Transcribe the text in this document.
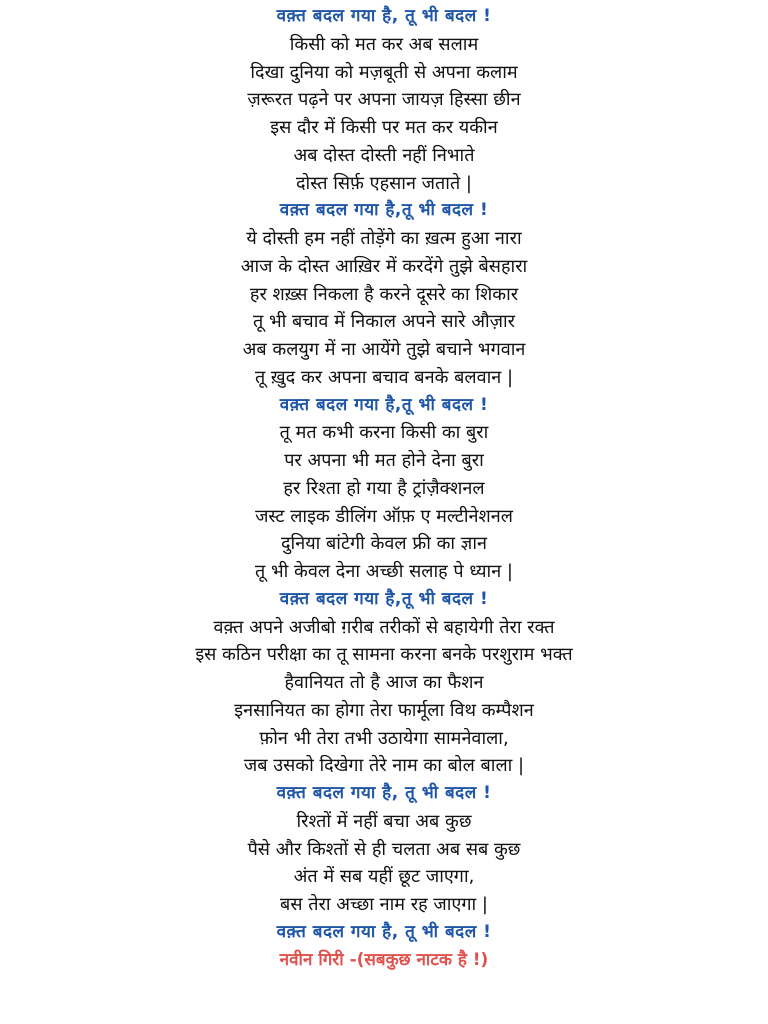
वक़्त बदल गया है, तू भी बदल !
किसी को मत कर अब सलाम
दिखा दुनिया को मज़बूती से अपना कलाम
ज़रूरत पढ़ने पर अपना जायज़ हिस्सा छीन
इस दौर में किसी पर मत कर यकीन
अब दोस्त दोस्ती नहीं निभाते
दोस्त सिर्फ़ एहसान जताते |
वक़्त बदल गया है,तू भी बदल !
ये दोस्ती हम नहीं तोड़ेंगे का ख़त्म हुआ नारा
आज के दोस्त आख़िर में करदेंगे तुझे बेसहारा
हर शख़्स निकला है करने दूसरे का शिकार
तू भी बचाव में निकाल अपने सारे औज़ार
अब कलयुग में ना आयेंगे तुझे बचाने भगवान
तू ख़ुद कर अपना बचाव बनके बलवान |
वक़्त बदल गया है,तू भी बदल !
तू मत कभी करना किसी का बुरा
पर अपना भी मत होने देना बुरा
हर रिश्ता हो गया है ट्रांज़ैक्शनल
जस्ट लाइक डीलिंग ऑफ़ ए मल्टीनेशनल
दुनिया बांटेगी केवल फ्री का ज्ञान
तू भी केवल देना अच्छी सलाह पे ध्यान |
वक़्त बदल गया है,तू भी बदल !
वक़्त अपने अजीबो ग़रीब तरीकों से बहायेगी तेरा रक्त
इस कठिन परीक्षा का तू सामना करना बनके परशुराम भक्त
हैवानियत तो है आज का फैशन
इनसानियत का होगा तेरा फार्मूला विथ कम्पैशन
फ़ोन भी तेरा तभी उठायेगा सामनेवाला,
जब उसको दिखेगा तेरे नाम का बोल बाला |
वक़्त बदल गया है, तू भी बदल !
रिश्तों में नहीं बचा अब कुछ
पैसे और किश्तों से ही चलता अब सब कुछ
अंत में सब यहीं छूट जाएगा,
बस तेरा अच्छा नाम रह जाएगा |
वक़्त बदल गया है, तू भी बदल !
नवीन गिरी -(सबकुछ नाटक है !)
